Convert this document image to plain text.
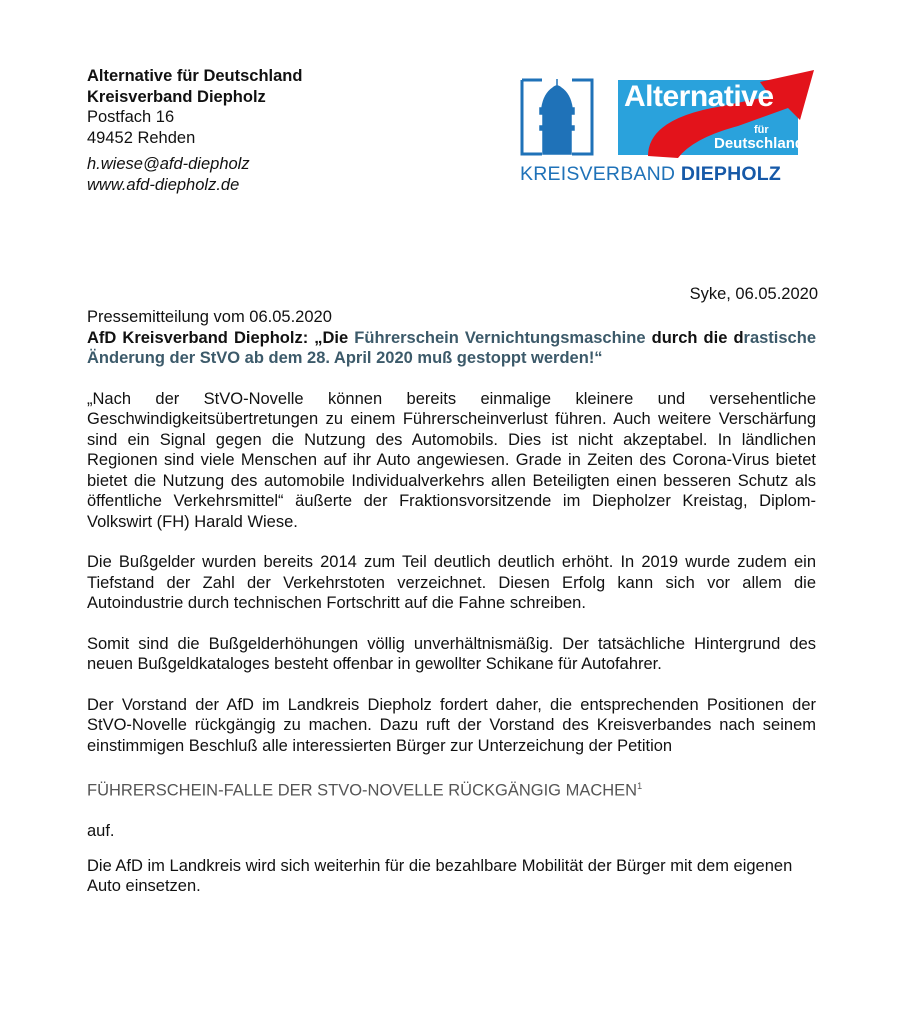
Alternative für Deutschland
Kreisverband Diepholz
Postfach 16
49452 Rehden
h.wiese@afd-diepholz
www.afd-diepholz.de
Alternative
für
Deutschland
KREISVERBAND DIEPHOLZ
Syke, 06.05.2020

Pressemitteilung vom 06.05.2020

AfD Kreisverband Diepholz: „Die Führerschein Vernichtungsmaschine durch die drastische Änderung der StVO ab dem 28. April 2020 muß gestoppt werden!“

„Nach der StVO-Novelle können bereits einmalige kleinere und versehentliche Geschwindigkeitsübertretungen zu einem Führerscheinverlust führen. Auch weitere Verschärfung sind ein Signal gegen die Nutzung des Automobils. Dies ist nicht akzeptabel. In ländlichen Regionen sind viele Menschen auf ihr Auto angewiesen. Grade in Zeiten des Corona-Virus bietet bietet die Nutzung des automobile Individualverkehrs allen Beteiligten einen besseren Schutz als öffentliche Verkehrsmittel“ äußerte der Fraktionsvorsitzende im Diepholzer Kreistag, Diplom-Volkswirt (FH) Harald Wiese.

Die Bußgelder wurden bereits 2014 zum Teil deutlich deutlich erhöht. In 2019 wurde zudem ein Tiefstand der Zahl der Verkehrstoten verzeichnet. Diesen Erfolg kann sich vor allem die Autoindustrie durch technischen Fortschritt auf die Fahne schreiben.

Somit sind die Bußgelderhöhungen völlig unverhältnismäßig. Der tatsächliche Hintergrund des neuen Bußgeldkataloges besteht offenbar in gewollter Schikane für Autofahrer.

Der Vorstand der AfD im Landkreis Diepholz fordert daher, die entsprechenden Positionen der StVO-Novelle rückgängig zu machen. Dazu ruft der Vorstand des Kreisverbandes nach seinem einstimmigen Beschluß alle interessierten Bürger zur Unterzeichung der Petition

FÜHRERSCHEIN-FALLE DER STVO-NOVELLE RÜCKGÄNGIG MACHEN$^1$

auf.

Die AfD im Landkreis wird sich weiterhin für die bezahlbare Mobilität der Bürger mit dem eigenen Auto einsetzen.
